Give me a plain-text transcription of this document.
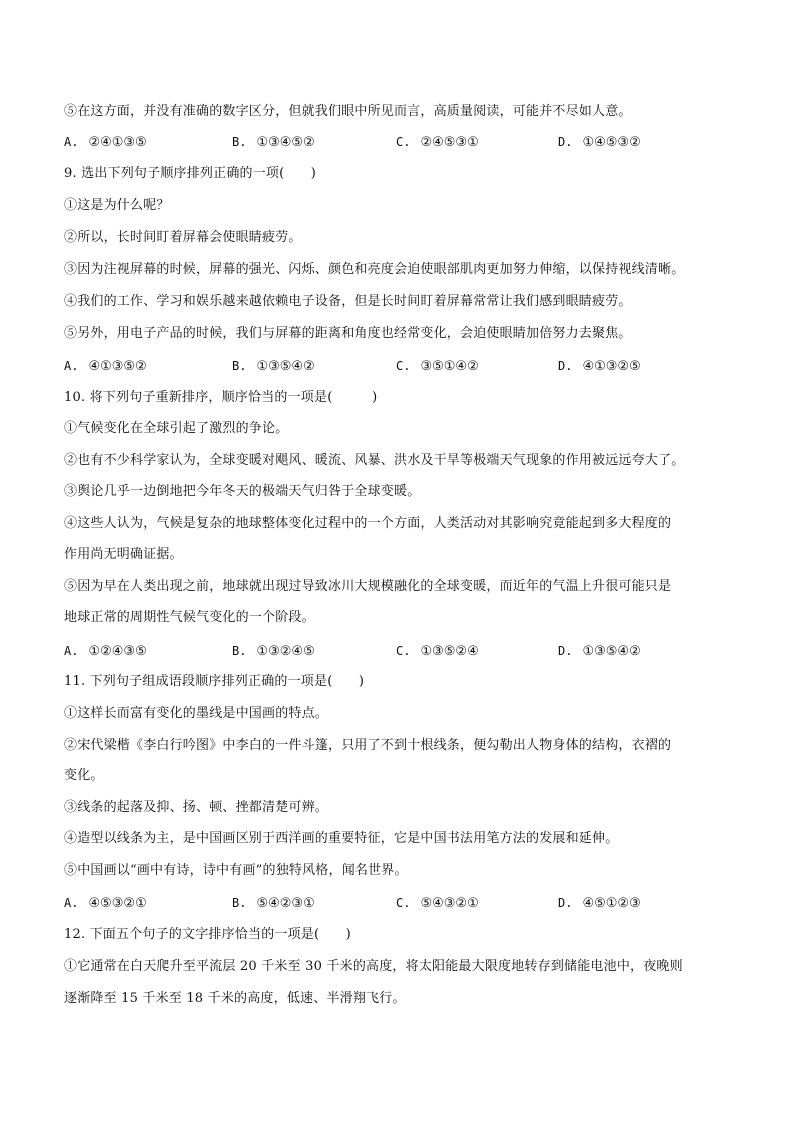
⑤在这方面，并没有准确的数字区分，但就我们眼中所见而言，高质量阅读，可能并不尽如人意。
A. ②④①③⑤	B. ①③④⑤②	C. ②④⑤③①	D. ①④⑤③②
9. 选出下列句子顺序排列正确的一项(　　)
①这是为什么呢？
②所以，长时间盯着屏幕会使眼睛疲劳。
③因为注视屏幕的时候，屏幕的强光、闪烁、颜色和亮度会迫使眼部肌肉更加努力伸缩，以保持视线清晰。
④我们的工作、学习和娱乐越来越依赖电子设备，但是长时间盯着屏幕常常让我们感到眼睛疲劳。
⑤另外，用电子产品的时候，我们与屏幕的距离和角度也经常变化，会迫使眼睛加倍努力去聚焦。
A. ④①③⑤②	B. ①③⑤④②	C. ③⑤①④②	D. ④①③②⑤
10. 将下列句子重新排序，顺序恰当的一项是(　　　)
①气候变化在全球引起了激烈的争论。
②也有不少科学家认为，全球变暖对飓风、暖流、风暴、洪水及干旱等极端天气现象的作用被远远夸大了。
③舆论几乎一边倒地把今年冬天的极端天气归咎于全球变暖。
④这些人认为，气候是复杂的地球整体变化过程中的一个方面，人类活动对其影响究竟能起到多大程度的
作用尚无明确证据。
⑤因为早在人类出现之前，地球就出现过导致冰川大规模融化的全球变暖，而近年的气温上升很可能只是
地球正常的周期性气候气变化的一个阶段。
A. ①②④③⑤	B. ①③②④⑤	C. ①③⑤②④	D. ①③⑤④②
11. 下列句子组成语段顺序排列正确的一项是(　　)
①这样长而富有变化的墨线是中国画的特点。
②宋代梁楷《李白行吟图》中李白的一件斗篷，只用了不到十根线条，便勾勒出人物身体的结构，衣褶的
变化。
③线条的起落及抑、扬、顿、挫都清楚可辨。
④造型以线条为主，是中国画区别于西洋画的重要特征，它是中国书法用笔方法的发展和延伸。
⑤中国画以“画中有诗，诗中有画”的独特风格，闻名世界。
A. ④⑤③②①	B. ⑤④②③①	C. ⑤④③②①	D. ④⑤①②③
12. 下面五个句子的文字排序恰当的一项是(　　)
①它通常在白天爬升至平流层 20 千米至 30 千米的高度，将太阳能最大限度地转存到储能电池中，夜晚则
逐渐降至 15 千米至 18 千米的高度，低速、半滑翔飞行。
